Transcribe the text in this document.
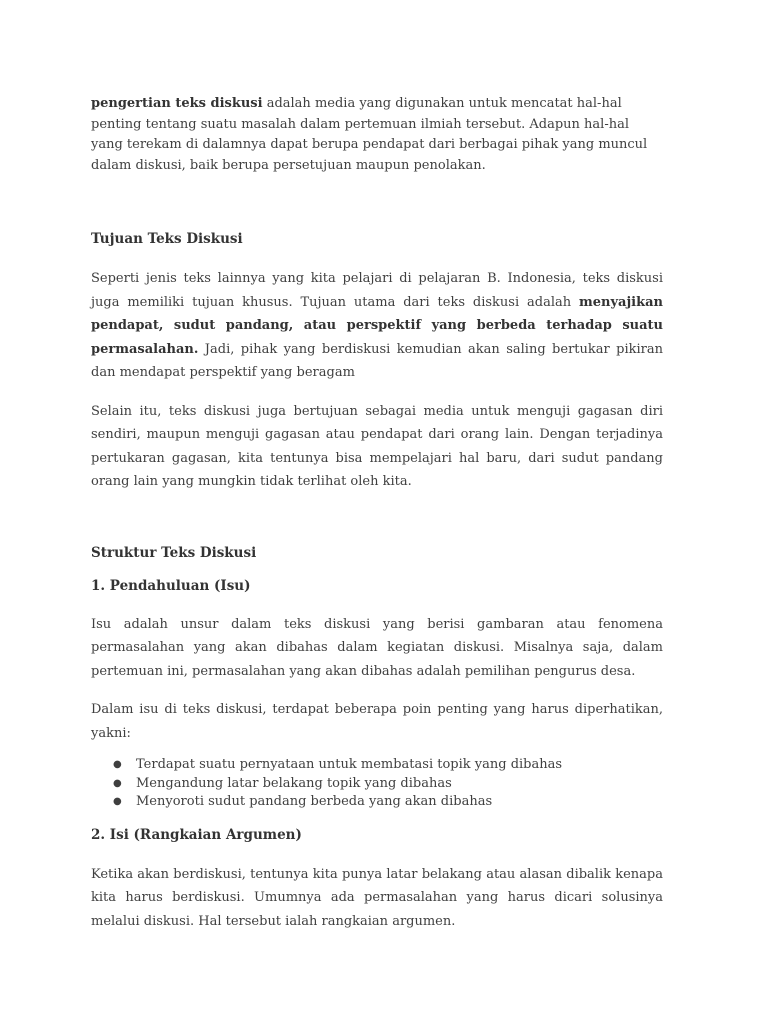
pengertian teks diskusi adalah media yang digunakan untuk mencatat hal-hal penting tentang suatu masalah dalam pertemuan ilmiah tersebut. Adapun hal-hal yang terekam di dalamnya dapat berupa pendapat dari berbagai pihak yang muncul dalam diskusi, baik berupa persetujuan maupun penolakan.

Tujuan Teks Diskusi

Seperti jenis teks lainnya yang kita pelajari di pelajaran B. Indonesia, teks diskusi juga memiliki tujuan khusus. Tujuan utama dari teks diskusi adalah menyajikan pendapat, sudut pandang, atau perspektif yang berbeda terhadap suatu permasalahan. Jadi, pihak yang berdiskusi kemudian akan saling bertukar pikiran dan mendapat perspektif yang beragam

Selain itu, teks diskusi juga bertujuan sebagai media untuk menguji gagasan diri sendiri, maupun menguji gagasan atau pendapat dari orang lain. Dengan terjadinya pertukaran gagasan, kita tentunya bisa mempelajari hal baru, dari sudut pandang orang lain yang mungkin tidak terlihat oleh kita.

Struktur Teks Diskusi

1. Pendahuluan (Isu)

Isu adalah unsur dalam teks diskusi yang berisi gambaran atau fenomena permasalahan yang akan dibahas dalam kegiatan diskusi. Misalnya saja, dalam pertemuan ini, permasalahan yang akan dibahas adalah pemilihan pengurus desa.

Dalam isu di teks diskusi, terdapat beberapa poin penting yang harus diperhatikan, yakni:

● Terdapat suatu pernyataan untuk membatasi topik yang dibahas
● Mengandung latar belakang topik yang dibahas
● Menyoroti sudut pandang berbeda yang akan dibahas

2. Isi (Rangkaian Argumen)

Ketika akan berdiskusi, tentunya kita punya latar belakang atau alasan dibalik kenapa kita harus berdiskusi. Umumnya ada permasalahan yang harus dicari solusinya melalui diskusi. Hal tersebut ialah rangkaian argumen.
